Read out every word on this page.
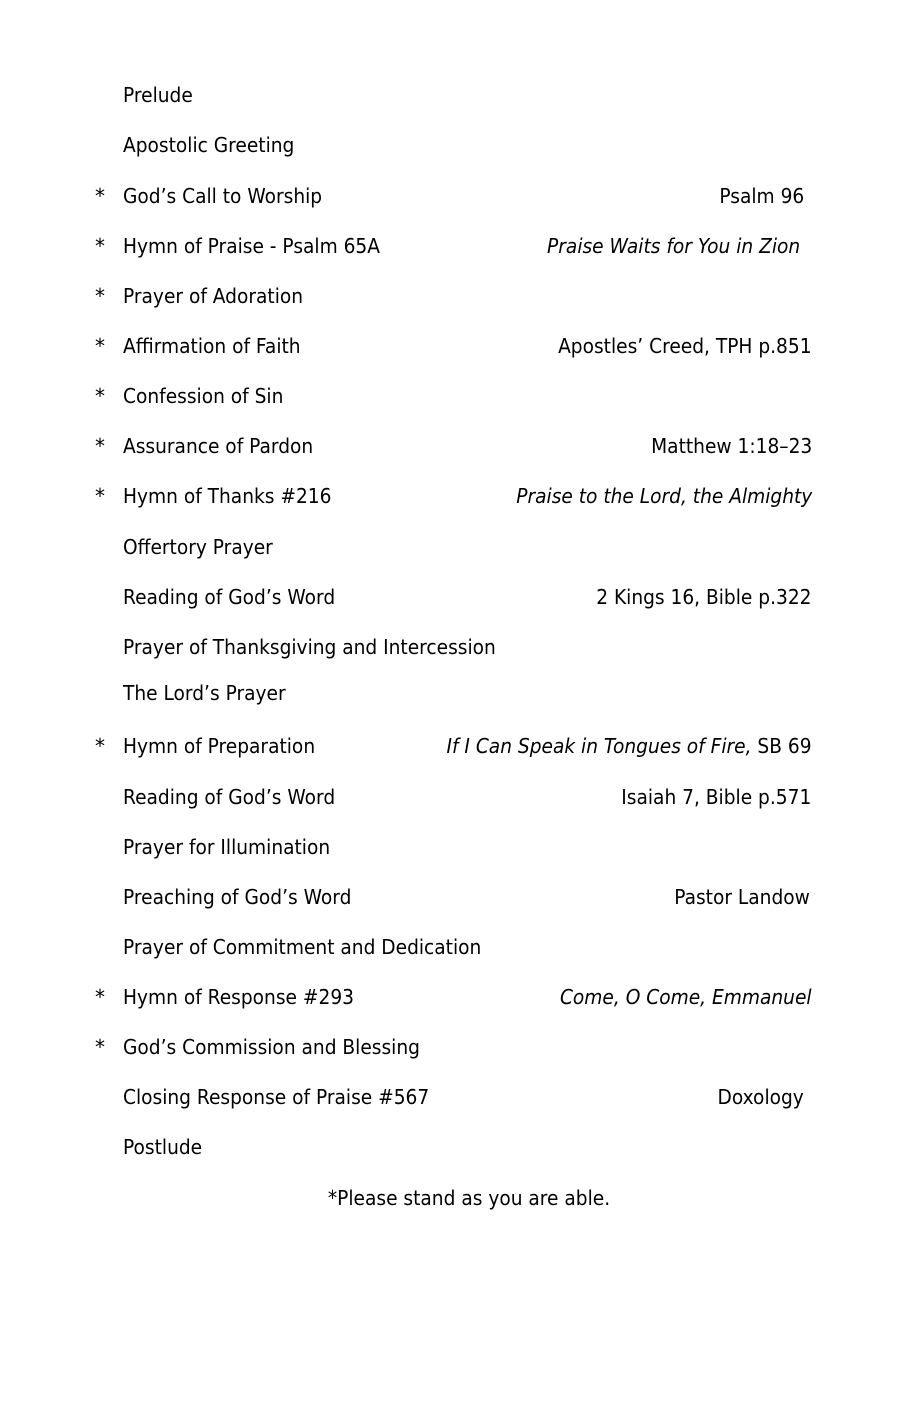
Prelude
Apostolic Greeting
* God’s Call to Worship	Psalm 96
* Hymn of Praise - Psalm 65A	Praise Waits for You in Zion
* Prayer of Adoration
* Affirmation of Faith	Apostles’ Creed, TPH p.851
* Confession of Sin
* Assurance of Pardon	Matthew 1:18–23
* Hymn of Thanks #216	Praise to the Lord, the Almighty
Offertory Prayer
Reading of God’s Word	2 Kings 16, Bible p.322
Prayer of Thanksgiving and Intercession
The Lord’s Prayer
* Hymn of Preparation	If I Can Speak in Tongues of Fire, SB 69
Reading of God’s Word	Isaiah 7, Bible p.571
Prayer for Illumination
Preaching of God’s Word	Pastor Landow
Prayer of Commitment and Dedication
* Hymn of Response #293	Come, O Come, Emmanuel
* God’s Commission and Blessing
Closing Response of Praise #567	Doxology
Postlude
*Please stand as you are able.
